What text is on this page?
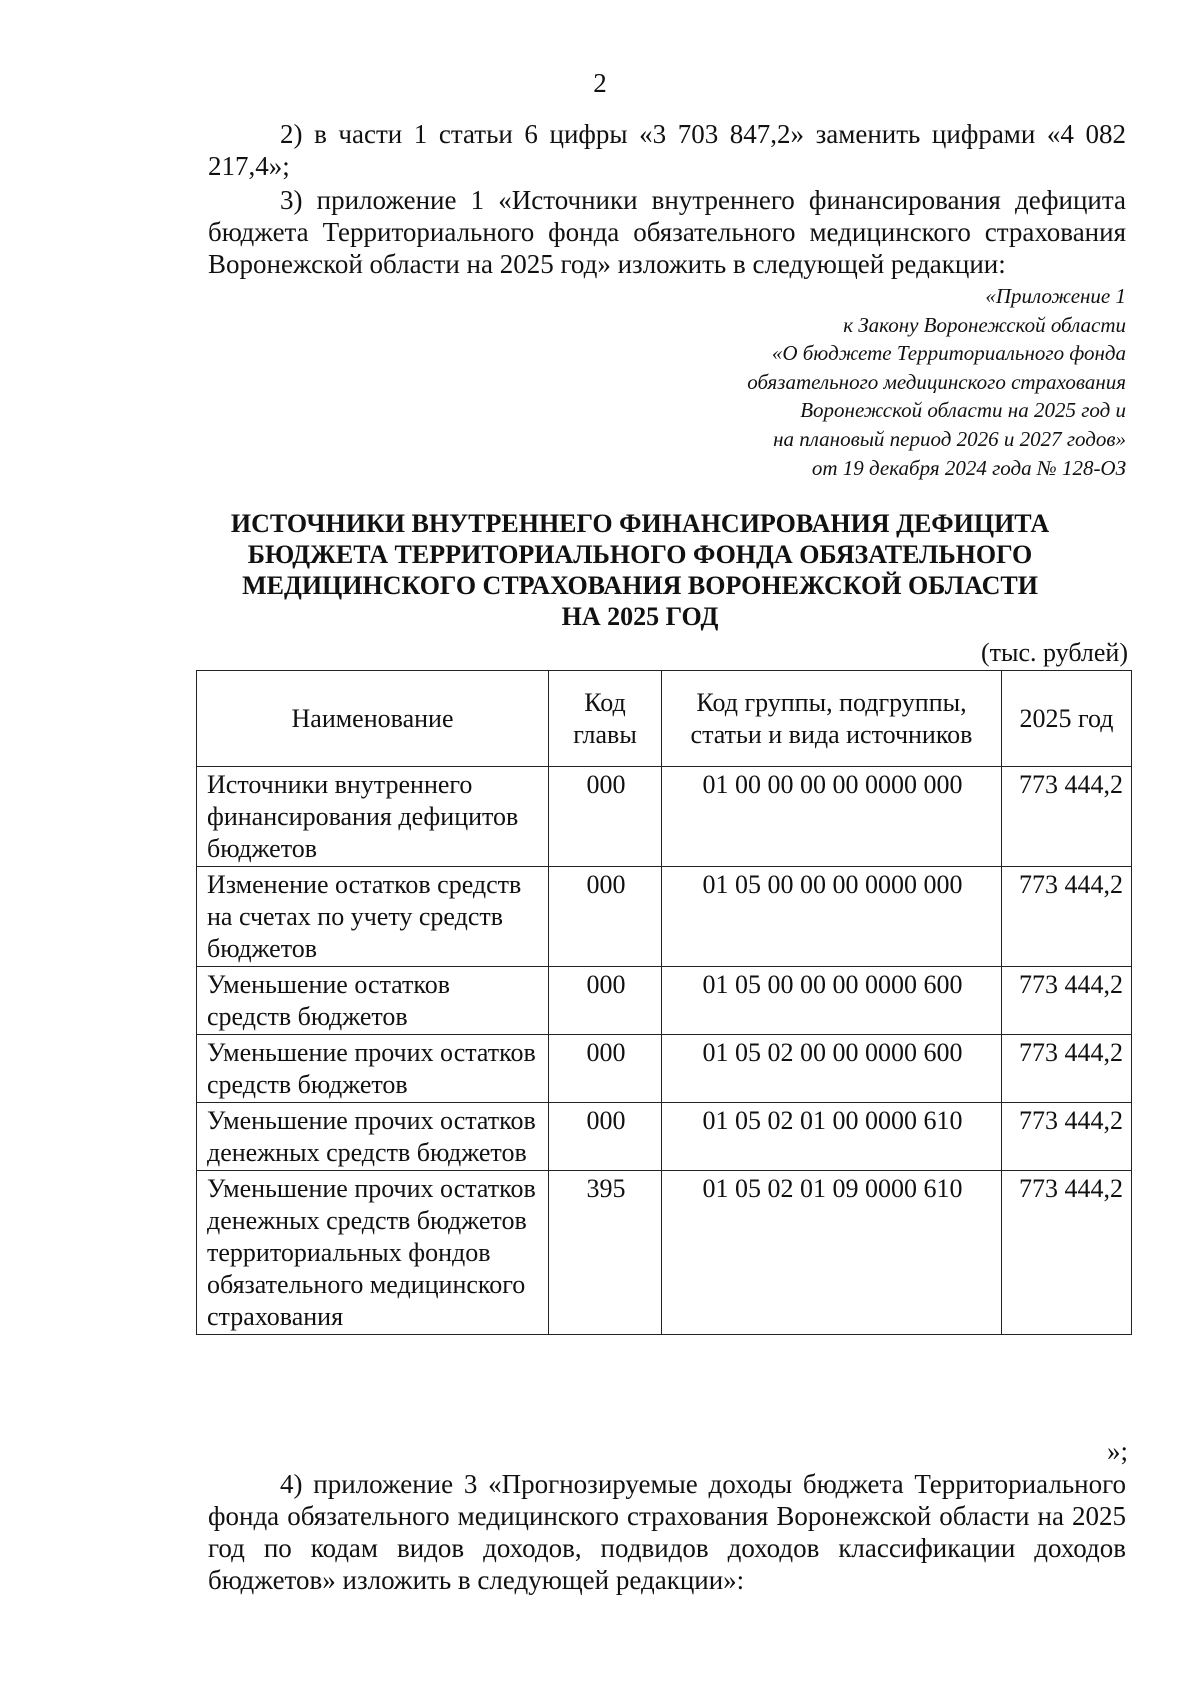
2
2) в части 1 статьи 6 цифры «3 703 847,2» заменить цифрами «4 082 217,4»;
3) приложение 1 «Источники внутреннего финансирования дефицита бюджета Территориального фонда обязательного медицинского страхования Воронежской области на 2025 год» изложить в следующей редакции:
«Приложение 1
к Закону Воронежской области
«О бюджете Территориального фонда
обязательного медицинского страхования
Воронежской области на 2025 год и
на плановый период 2026 и 2027 годов»
от 19 декабря 2024 года № 128-ОЗ
ИСТОЧНИКИ ВНУТРЕННЕГО ФИНАНСИРОВАНИЯ ДЕФИЦИТА
БЮДЖЕТА ТЕРРИТОРИАЛЬНОГО ФОНДА ОБЯЗАТЕЛЬНОГО
МЕДИЦИНСКОГО СТРАХОВАНИЯ ВОРОНЕЖСКОЙ ОБЛАСТИ
НА 2025 ГОД
(тыс. рублей)
Наименование	Код главы	Код группы, подгруппы, статьи и вида источников	2025 год
Источники внутреннего финансирования дефицитов бюджетов	000	01 00 00 00 00 0000 000	773 444,2
Изменение остатков средств на счетах по учету средств бюджетов	000	01 05 00 00 00 0000 000	773 444,2
Уменьшение остатков средств бюджетов	000	01 05 00 00 00 0000 600	773 444,2
Уменьшение прочих остатков средств бюджетов	000	01 05 02 00 00 0000 600	773 444,2
Уменьшение прочих остатков денежных средств бюджетов	000	01 05 02 01 00 0000 610	773 444,2
Уменьшение прочих остатков денежных средств бюджетов территориальных фондов обязательного медицинского страхования	395	01 05 02 01 09 0000 610	773 444,2
»;
4) приложение 3 «Прогнозируемые доходы бюджета Территориального фонда обязательного медицинского страхования Воронежской области на 2025 год по кодам видов доходов, подвидов доходов классификации доходов бюджетов» изложить в следующей редакции»:
